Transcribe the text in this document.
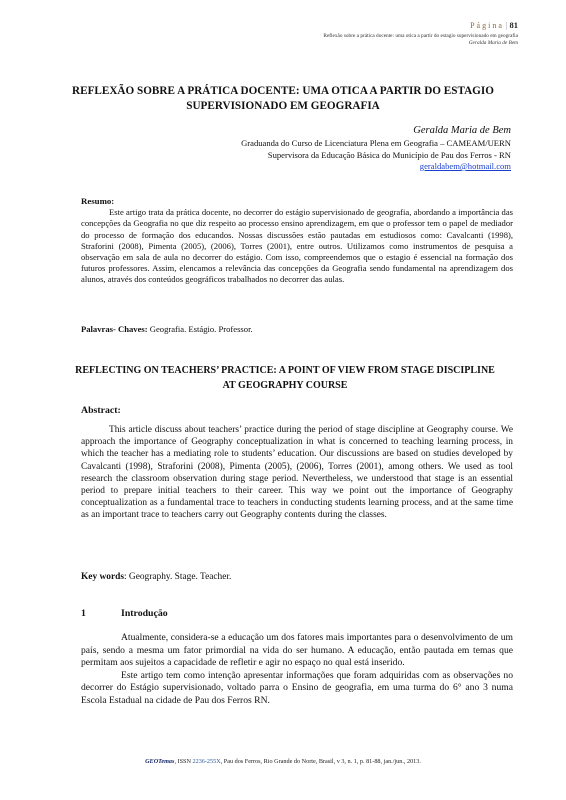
Página | 81
Reflexão sobre a prática docente: uma otica a partir do estagio supervisionado em geografia
Geralda Maria de Bem
REFLEXÃO SOBRE A PRÁTICA DOCENTE: UMA OTICA A PARTIR DO ESTAGIO SUPERVISIONADO EM GEOGRAFIA
Geralda Maria de Bem
Graduanda do Curso de Licenciatura Plena em Geografia – CAMEAM/UERN
Supervisora da Educação Básica do Município de Pau dos Ferros - RN
geraldabem@hotmail.com
Resumo:
Este artigo trata da prática docente, no decorrer do estágio supervisionado de geografia, abordando a importância das concepções da Geografia no que diz respeito ao processo ensino aprendizagem, em que o professor tem o papel de mediador do processo de formação dos educandos. Nossas discussões estão pautadas em estudiosos como: Cavalcanti (1998), Straforini (2008), Pimenta (2005), (2006), Torres (2001), entre outros. Utilizamos como instrumentos de pesquisa a observação em sala de aula no decorrer do estágio. Com isso, compreendemos que o estagio é essencial na formação dos futuros professores. Assim, elencamos a relevância das concepções da Geografia sendo fundamental na aprendizagem dos alunos, através dos conteúdos geográficos trabalhados no decorrer das aulas.
Palavras- Chaves: Geografia. Estágio. Professor.
REFLECTING ON TEACHERS’ PRACTICE: A POINT OF VIEW FROM STAGE DISCIPLINE AT GEOGRAPHY COURSE
Abstract:

This article discuss about teachers’ practice during the period of stage discipline at Geography course. We approach the importance of Geography conceptualization in what is concerned to teaching learning process, in which the teacher has a mediating role to students’ education. Our discussions are based on studies developed by Cavalcanti (1998), Straforini (2008), Pimenta (2005), (2006), Torres (2001), among others. We used as tool research the classroom observation during stage period. Nevertheless, we understood that stage is an essential period to prepare initial teachers to their career. This way we point out the importance of Geography conceptualization as a fundamental trace to teachers in conducting students learning process, and at the same time as an important trace to teachers carry out Geography contents during the classes.

Key words: Geography. Stage. Teacher.
1	Introdução

Atualmente, considera-se a educação um dos fatores mais importantes para o desenvolvimento de um país, sendo a mesma um fator primordial na vida do ser humano. A educação, então pautada em temas que permitam aos sujeitos a capacidade de refletir e agir no espaço no qual está inserido.

Este artigo tem como intenção apresentar informações que foram adquiridas com as observações no decorrer do Estágio supervisionado, voltado parra o Ensino de geografia, em uma turma do 6° ano 3 numa Escola Estadual na cidade de Pau dos Ferros RN.

GEOTemas, ISSN 2236-255X, Pau dos Ferros, Rio Grande do Norte, Brasil, v 3, n. 1, p. 81-88, jan./jun., 2013.
